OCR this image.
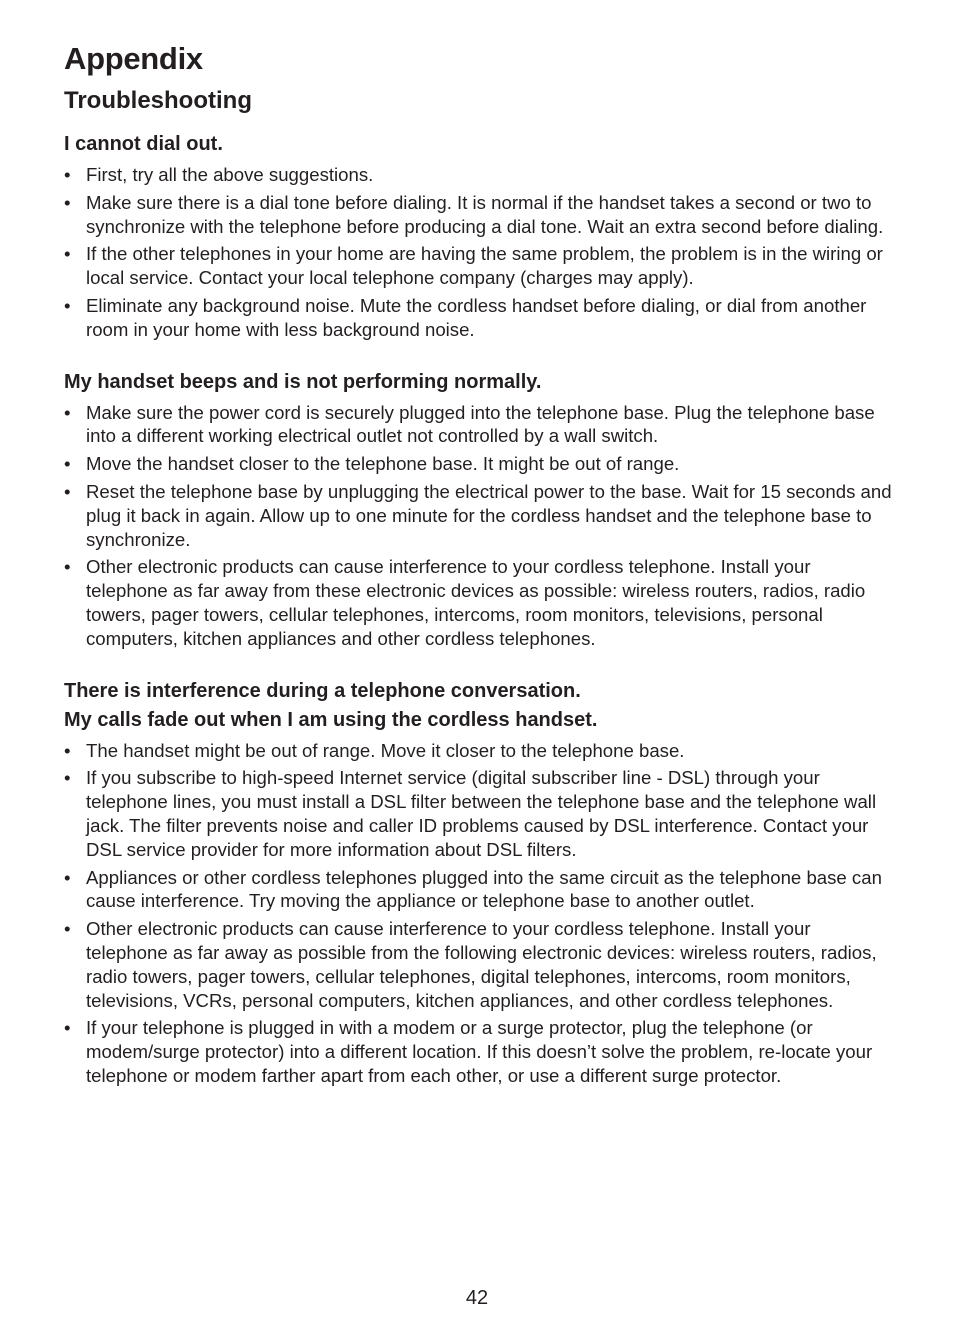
Appendix
Troubleshooting
I cannot dial out.
• First, try all the above suggestions.
• Make sure there is a dial tone before dialing. It is normal if the handset takes a second or two to synchronize with the telephone before producing a dial tone. Wait an extra second before dialing.
• If the other telephones in your home are having the same problem, the problem is in the wiring or local service. Contact your local telephone company (charges may apply).
• Eliminate any background noise. Mute the cordless handset before dialing, or dial from another room in your home with less background noise.
My handset beeps and is not performing normally.
• Make sure the power cord is securely plugged into the telephone base. Plug the telephone base into a different working electrical outlet not controlled by a wall switch.
• Move the handset closer to the telephone base. It might be out of range.
• Reset the telephone base by unplugging the electrical power to the base. Wait for 15 seconds and plug it back in again. Allow up to one minute for the cordless handset and the telephone base to synchronize.
• Other electronic products can cause interference to your cordless telephone. Install your telephone as far away from these electronic devices as possible: wireless routers, radios, radio towers, pager towers, cellular telephones, intercoms, room monitors, televisions, personal computers, kitchen appliances and other cordless telephones.
There is interference during a telephone conversation.
My calls fade out when I am using the cordless handset.
• The handset might be out of range. Move it closer to the telephone base.
• If you subscribe to high-speed Internet service (digital subscriber line - DSL) through your telephone lines, you must install a DSL filter between the telephone base and the telephone wall jack. The filter prevents noise and caller ID problems caused by DSL interference. Contact your DSL service provider for more information about DSL filters.
• Appliances or other cordless telephones plugged into the same circuit as the telephone base can cause interference. Try moving the appliance or telephone base to another outlet.
• Other electronic products can cause interference to your cordless telephone. Install your telephone as far away as possible from the following electronic devices: wireless routers, radios, radio towers, pager towers, cellular telephones, digital telephones, intercoms, room monitors, televisions, VCRs, personal computers, kitchen appliances, and other cordless telephones.
• If your telephone is plugged in with a modem or a surge protector, plug the telephone (or modem/surge protector) into a different location. If this doesn’t solve the problem, re-locate your telephone or modem farther apart from each other, or use a different surge protector.
42
